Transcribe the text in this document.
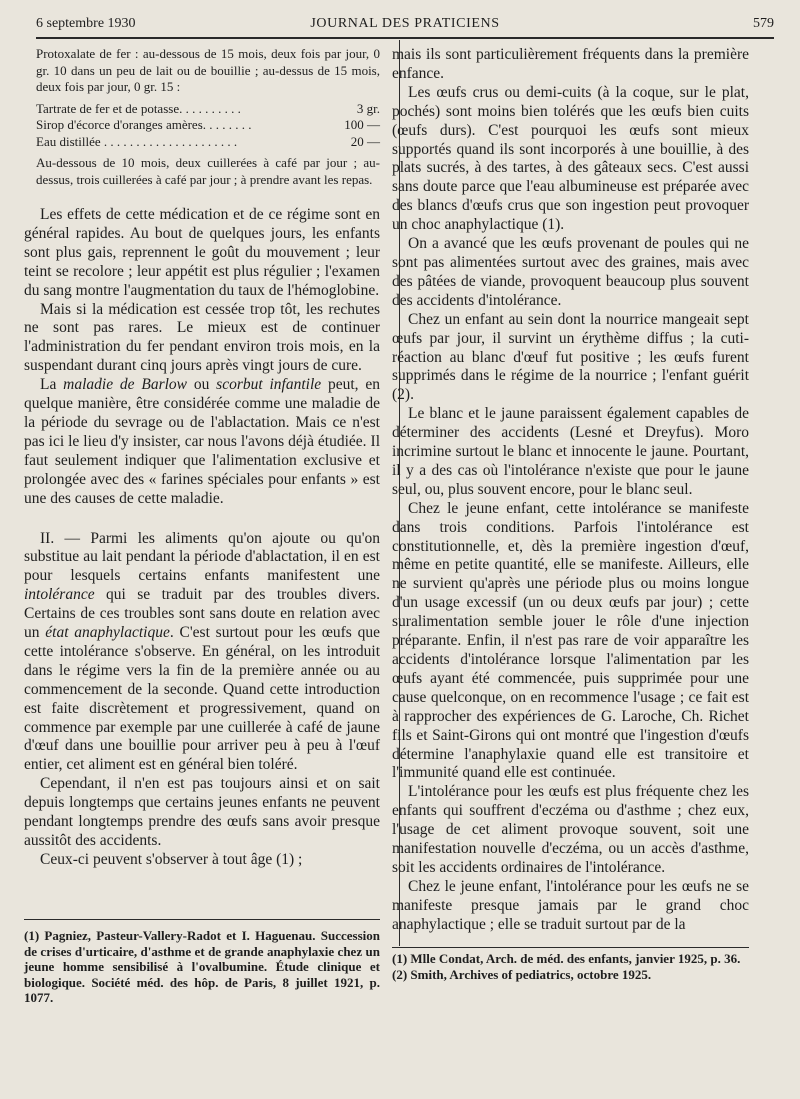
6 septembre 1930	JOURNAL DES PRATICIENS	579

Protoxalate de fer : au-dessous de 15 mois, deux fois par jour, 0 gr. 10 dans un peu de lait ou de bouillie ; au-dessus de 15 mois, deux fois par jour, 0 gr. 15 :

Tartrate de fer et de potasse. . . . . . . . . .	3 gr.
Sirop d'écorce d'oranges amères. . . . . . . .	100 —
Eau distillée . . . . . . . . . . . . . . . . . . . . .	20 —

Au-dessous de 10 mois, deux cuillerées à café par jour ; au-dessus, trois cuillerées à café par jour ; à prendre avant les repas.

Les effets de cette médication et de ce régime sont en général rapides. Au bout de quelques jours, les enfants sont plus gais, reprennent le goût du mouvement ; leur teint se recolore ; leur appétit est plus régulier ; l'examen du sang montre l'augmentation du taux de l'hémoglobine.

Mais si la médication est cessée trop tôt, les rechutes ne sont pas rares. Le mieux est de continuer l'administration du fer pendant environ trois mois, en la suspendant durant cinq jours après vingt jours de cure.

La maladie de Barlow ou scorbut infantile peut, en quelque manière, être considérée comme une maladie de la période du sevrage ou de l'ablactation. Mais ce n'est pas ici le lieu d'y insister, car nous l'avons déjà étudiée. Il faut seulement indiquer que l'alimentation exclusive et prolongée avec des « farines spéciales pour enfants » est une des causes de cette maladie.

II. — Parmi les aliments qu'on ajoute ou qu'on substitue au lait pendant la période d'ablactation, il en est pour lesquels certains enfants manifestent une intolérance qui se traduit par des troubles divers. Certains de ces troubles sont sans doute en relation avec un état anaphylactique. C'est surtout pour les œufs que cette intolérance s'observe. En général, on les introduit dans le régime vers la fin de la première année ou au commencement de la seconde. Quand cette introduction est faite discrètement et progressivement, quand on commence par exemple par une cuillerée à café de jaune d'œuf dans une bouillie pour arriver peu à peu à l'œuf entier, cet aliment est en général bien toléré.

Cependant, il n'en est pas toujours ainsi et on sait depuis longtemps que certains jeunes enfants ne peuvent pendant longtemps prendre des œufs sans avoir presque aussitôt des accidents.

Ceux-ci peuvent s'observer à tout âge (1) ;

(1) Pagniez, Pasteur-Vallery-Radot et I. Haguenau. Succession de crises d'urticaire, d'asthme et de grande anaphylaxie chez un jeune homme sensibilisé à l'ovalbumine. Étude clinique et biologique. Société méd. des hôp. de Paris, 8 juillet 1921, p. 1077.

mais ils sont particulièrement fréquents dans la première enfance.

Les œufs crus ou demi-cuits (à la coque, sur le plat, pochés) sont moins bien tolérés que les œufs bien cuits (œufs durs). C'est pourquoi les œufs sont mieux supportés quand ils sont incorporés à une bouillie, à des plats sucrés, à des tartes, à des gâteaux secs. C'est aussi sans doute parce que l'eau albumineuse est préparée avec des blancs d'œufs crus que son ingestion peut provoquer un choc anaphylactique (1).

On a avancé que les œufs provenant de poules qui ne sont pas alimentées surtout avec des graines, mais avec des pâtées de viande, provoquent beaucoup plus souvent des accidents d'intolérance.

Chez un enfant au sein dont la nourrice mangeait sept œufs par jour, il survint un érythème diffus ; la cuti-réaction au blanc d'œuf fut positive ; les œufs furent supprimés dans le régime de la nourrice ; l'enfant guérit (2).

Le blanc et le jaune paraissent également capables de déterminer des accidents (Lesné et Dreyfus). Moro incrimine surtout le blanc et innocente le jaune. Pourtant, il y a des cas où l'intolérance n'existe que pour le jaune seul, ou, plus souvent encore, pour le blanc seul.

Chez le jeune enfant, cette intolérance se manifeste dans trois conditions. Parfois l'intolérance est constitutionnelle, et, dès la première ingestion d'œuf, même en petite quantité, elle se manifeste. Ailleurs, elle ne survient qu'après une période plus ou moins longue d'un usage excessif (un ou deux œufs par jour) ; cette suralimentation semble jouer le rôle d'une injection préparante. Enfin, il n'est pas rare de voir apparaître les accidents d'intolérance lorsque l'alimentation par les œufs ayant été commencée, puis supprimée pour une cause quelconque, on en recommence l'usage ; ce fait est à rapprocher des expériences de G. Laroche, Ch. Richet fils et Saint-Girons qui ont montré que l'ingestion d'œufs détermine l'anaphylaxie quand elle est transitoire et l'immunité quand elle est continuée.

L'intolérance pour les œufs est plus fréquente chez les enfants qui souffrent d'eczéma ou d'asthme ; chez eux, l'usage de cet aliment provoque souvent, soit une manifestation nouvelle d'eczéma, ou un accès d'asthme, soit les accidents ordinaires de l'intolérance.

Chez le jeune enfant, l'intolérance pour les œufs ne se manifeste presque jamais par le grand choc anaphylactique ; elle se traduit surtout par de la

(1) Mlle Condat, Arch. de méd. des enfants, janvier 1925, p. 36.

(2) Smith, Archives of pediatrics, octobre 1925.
